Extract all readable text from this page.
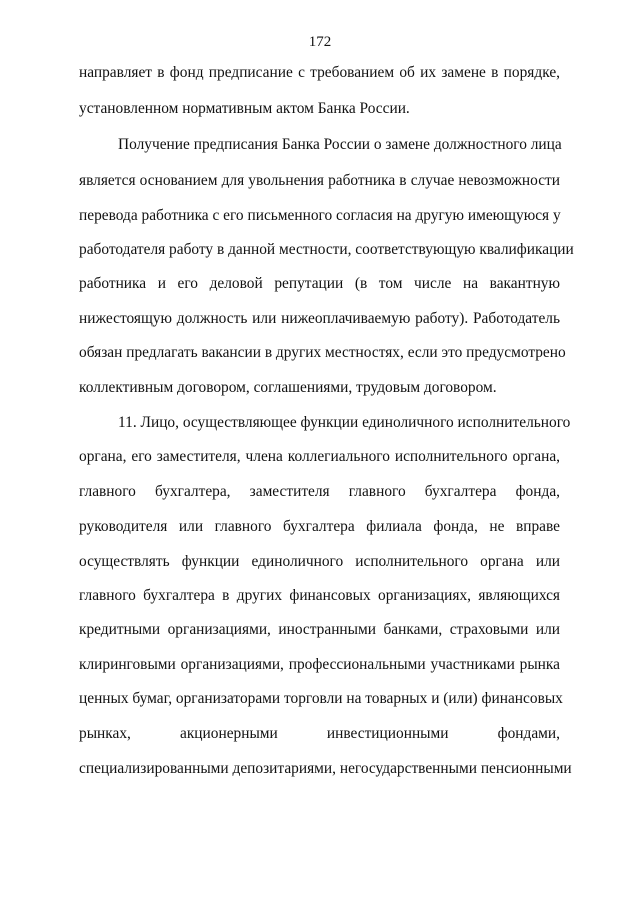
172
направляет в фонд предписание с требованием об их замене в порядке,
установленном нормативным актом Банка России.
Получение предписания Банка России о замене должностного лица
является основанием для увольнения работника в случае невозможности
перевода работника с его письменного согласия на другую имеющуюся у
работодателя работу в данной местности, соответствующую квалификации
работника и его деловой репутации (в том числе на вакантную
нижестоящую должность или нижеоплачиваемую работу). Работодатель
обязан предлагать вакансии в других местностях, если это предусмотрено
коллективным договором, соглашениями, трудовым договором.
11. Лицо, осуществляющее функции единоличного исполнительного
органа, его заместителя, члена коллегиального исполнительного органа,
главного бухгалтера, заместителя главного бухгалтера фонда,
руководителя или главного бухгалтера филиала фонда, не вправе
осуществлять функции единоличного исполнительного органа или
главного бухгалтера в других финансовых организациях, являющихся
кредитными организациями, иностранными банками, страховыми или
клиринговыми организациями, профессиональными участниками рынка
ценных бумаг, организаторами торговли на товарных и (или) финансовых
рынках, акционерными инвестиционными фондами,
специализированными депозитариями, негосударственными пенсионными
